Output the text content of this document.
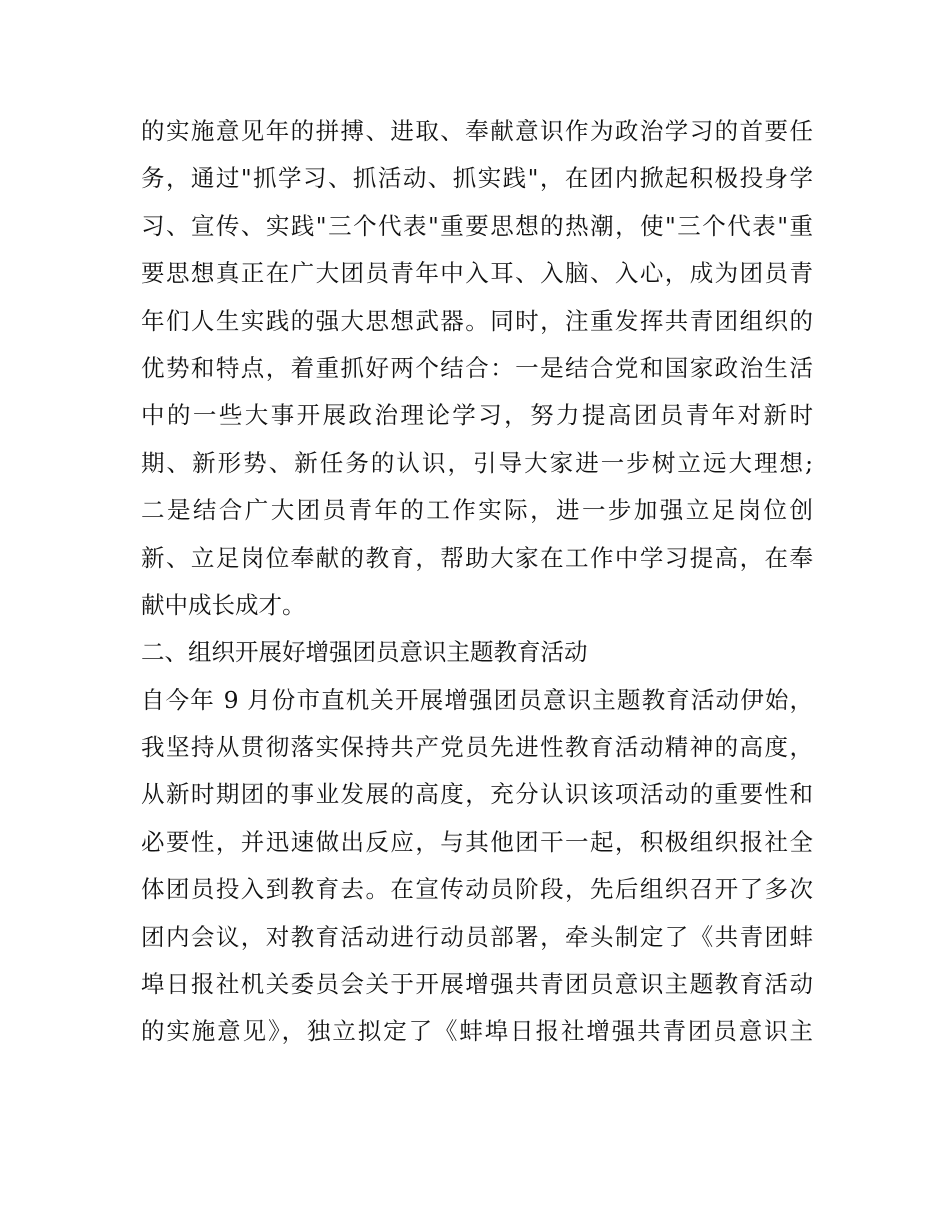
的实施意见年的拼搏、进取、奉献意识作为政治学习的首要任
务，通过"抓学习、抓活动、抓实践"，在团内掀起积极投身学
习、宣传、实践"三个代表"重要思想的热潮，使"三个代表"重
要思想真正在广大团员青年中入耳、入脑、入心，成为团员青
年们人生实践的强大思想武器。同时，注重发挥共青团组织的
优势和特点，着重抓好两个结合：一是结合党和国家政治生活
中的一些大事开展政治理论学习，努力提高团员青年对新时
期、新形势、新任务的认识，引导大家进一步树立远大理想;
二是结合广大团员青年的工作实际，进一步加强立足岗位创
新、立足岗位奉献的教育，帮助大家在工作中学习提高，在奉
献中成长成才。
二、组织开展好增强团员意识主题教育活动
自今年 9 月份市直机关开展增强团员意识主题教育活动伊始，
我坚持从贯彻落实保持共产党员先进性教育活动精神的高度，
从新时期团的事业发展的高度，充分认识该项活动的重要性和
必要性，并迅速做出反应，与其他团干一起，积极组织报社全
体团员投入到教育去。在宣传动员阶段，先后组织召开了多次
团内会议，对教育活动进行动员部署，牵头制定了《共青团蚌
埠日报社机关委员会关于开展增强共青团员意识主题教育活动
的实施意见》，独立拟定了《蚌埠日报社增强共青团员意识主
